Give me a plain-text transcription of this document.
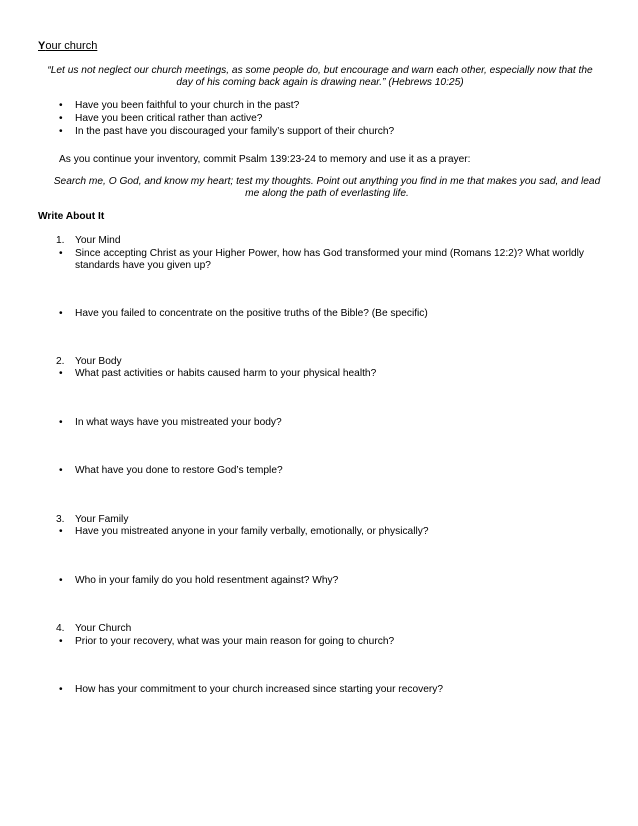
Your church
“Let us not neglect our church meetings, as some people do, but encourage and warn each other, especially now that the day of his coming back again is drawing near.” (Hebrews 10:25)
• Have you been faithful to your church in the past?
• Have you been critical rather than active?
• In the past have you discouraged your family’s support of their church?
As you continue your inventory, commit Psalm 139:23-24 to memory and use it as a prayer:
Search me, O God, and know my heart; test my thoughts. Point out anything you find in me that makes you sad, and lead me along the path of everlasting life.
Write About It
1. Your Mind
• Since accepting Christ as your Higher Power, how has God transformed your mind (Romans 12:2)? What worldly standards have you given up?
• Have you failed to concentrate on the positive truths of the Bible? (Be specific)
2. Your Body
• What past activities or habits caused harm to your physical health?
• In what ways have you mistreated your body?
• What have you done to restore God’s temple?
3. Your Family
• Have you mistreated anyone in your family verbally, emotionally, or physically?
• Who in your family do you hold resentment against? Why?
4. Your Church
• Prior to your recovery, what was your main reason for going to church?
• How has your commitment to your church increased since starting your recovery?
